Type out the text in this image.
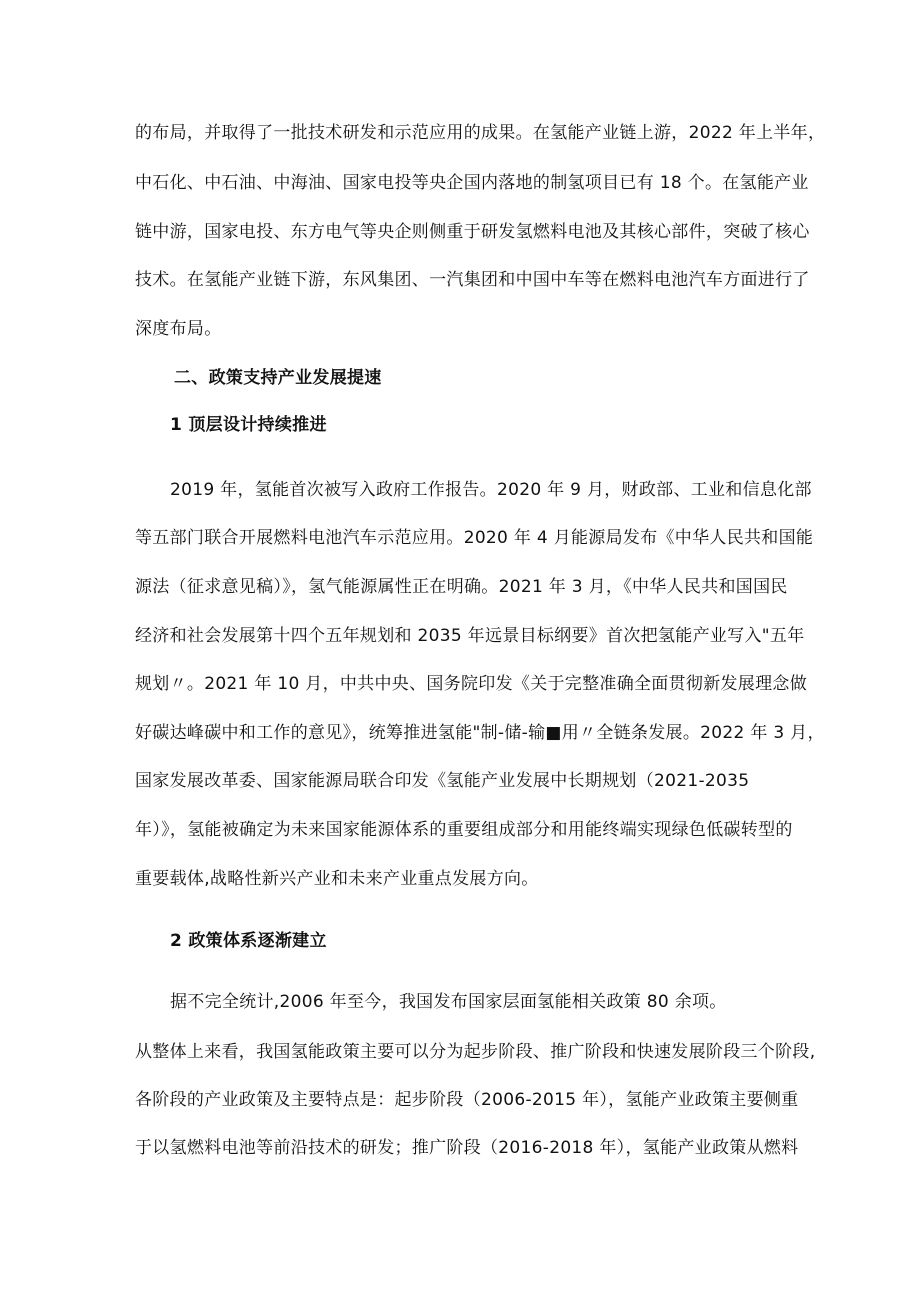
的布局，并取得了一批技术研发和示范应用的成果。在氢能产业链上游，2022 年上半年，
中石化、中石油、中海油、国家电投等央企国内落地的制氢项目已有 18 个。在氢能产业
链中游，国家电投、东方电气等央企则侧重于研发氢燃料电池及其核心部件，突破了核心
技术。在氢能产业链下游，东风集团、一汽集团和中国中车等在燃料电池汽车方面进行了
深度布局。
二、政策支持产业发展提速
1 顶层设计持续推进
2019 年，氢能首次被写入政府工作报告。2020 年 9 月，财政部、工业和信息化部
等五部门联合开展燃料电池汽车示范应用。2020 年 4 月能源局发布《中华人民共和国能
源法（征求意见稿）》，氢气能源属性正在明确。2021 年 3 月，《中华人民共和国国民
经济和社会发展第十四个五年规划和 2035 年远景目标纲要》首次把氢能产业写入"五年
规划〃。2021 年 10 月，中共中央、国务院印发《关于完整准确全面贯彻新发展理念做
好碳达峰碳中和工作的意见》，统筹推进氢能"制-储-输■用〃全链条发展。2022 年 3 月，
国家发展改革委、国家能源局联合印发《氢能产业发展中长期规划（2021-2035
年）》，氢能被确定为未来国家能源体系的重要组成部分和用能终端实现绿色低碳转型的
重要载体,战略性新兴产业和未来产业重点发展方向。
2 政策体系逐渐建立
据不完全统计,2006 年至今，我国发布国家层面氢能相关政策 80 余项。
从整体上来看，我国氢能政策主要可以分为起步阶段、推广阶段和快速发展阶段三个阶段,
各阶段的产业政策及主要特点是：起步阶段（2006-2015 年），氢能产业政策主要侧重
于以氢燃料电池等前沿技术的研发；推广阶段（2016-2018 年），氢能产业政策从燃料
